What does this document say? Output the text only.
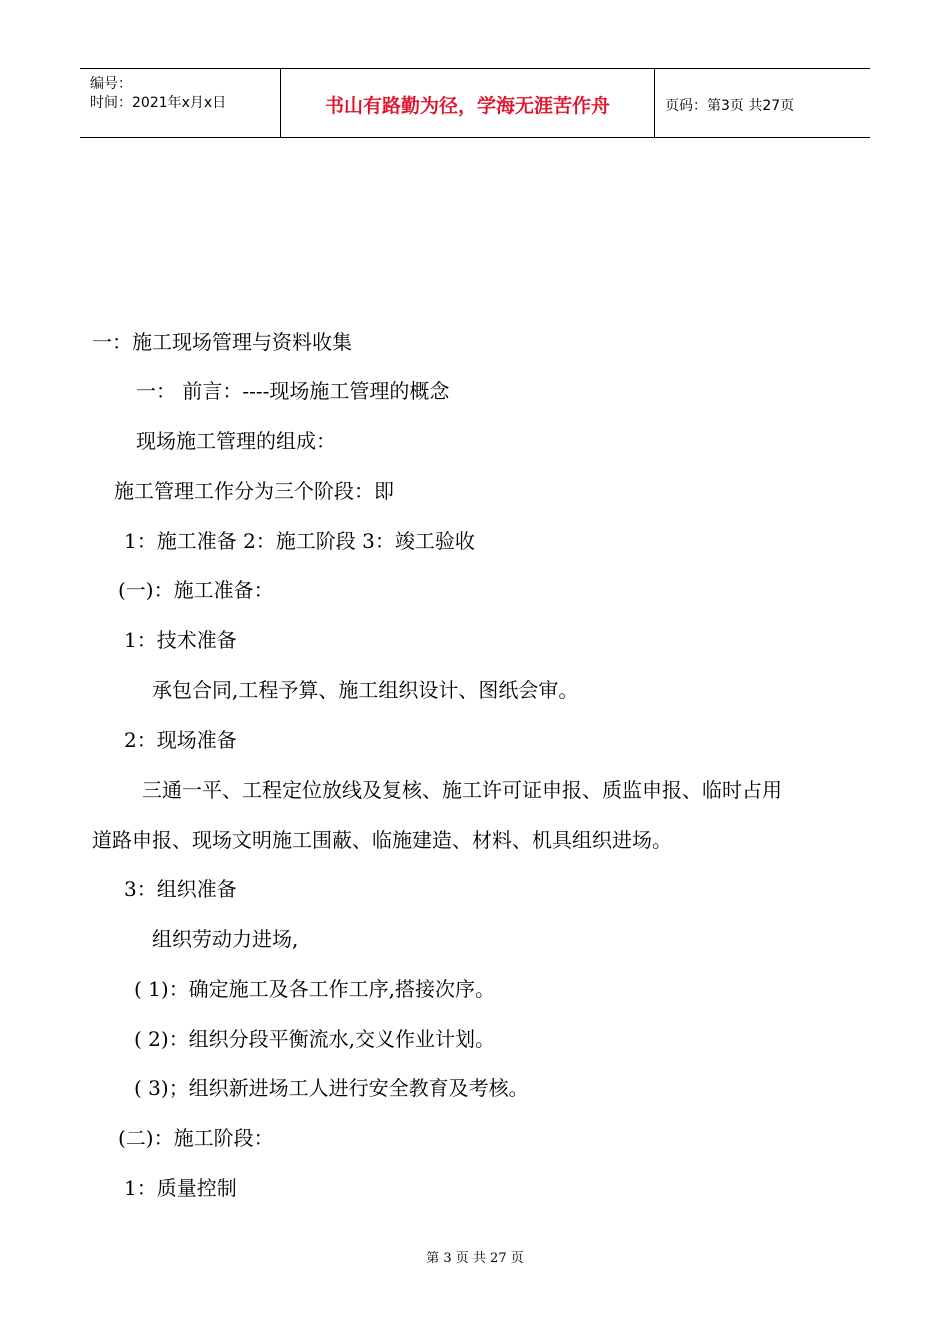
编号：
时间：2021年x月x日	书山有路勤为径，学海无涯苦作舟	页码：第3页 共27页
一：施工现场管理与资料收集
一： 前言：----现场施工管理的概念
现场施工管理的组成：
施工管理工作分为三个阶段：即
1：施工准备 2：施工阶段 3：竣工验收
(一)：施工准备：
1：技术准备
承包合同,工程予算、施工组织设计、图纸会审。
2：现场准备
三通一平、工程定位放线及复核、施工许可证申报、质监申报、临时占用
道路申报、现场文明施工围蔽、临施建造、材料、机具组织进场。
3：组织准备
组织劳动力进场,
( 1)：确定施工及各工作工序,搭接次序。
( 2)：组织分段平衡流水,交义作业计划。
( 3)；组织新进场工人进行安全教育及考核。
(二)：施工阶段：
1：质量控制
第 3 页 共 27 页
